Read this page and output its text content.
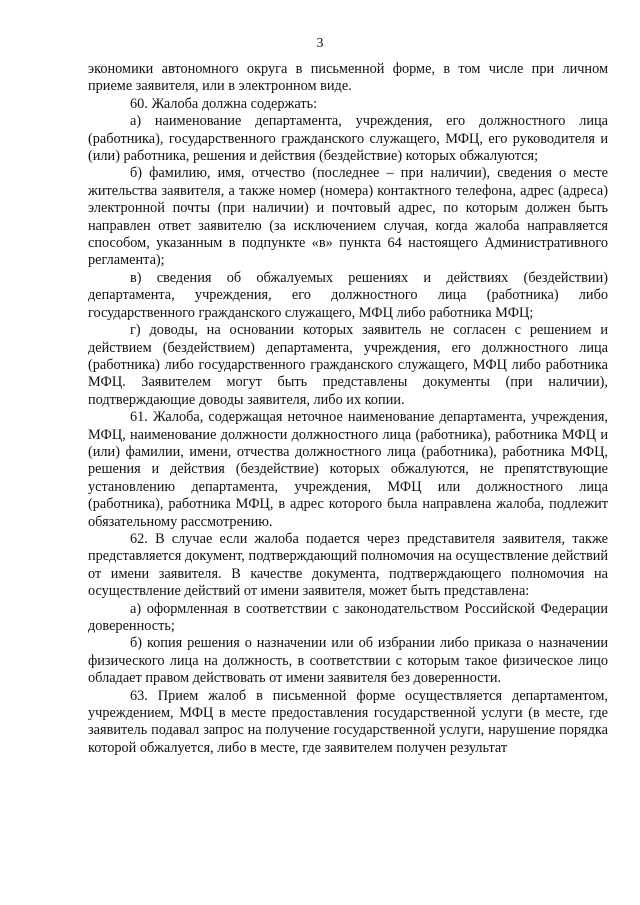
3

экономики автономного округа в письменной форме, в том числе при личном приеме заявителя, или в электронном виде.

60. Жалоба должна содержать:

а) наименование департамента, учреждения, его должностного лица (работника), государственного гражданского служащего, МФЦ, его руководителя и (или) работника, решения и действия (бездействие) которых обжалуются;

б) фамилию, имя, отчество (последнее – при наличии), сведения о месте жительства заявителя, а также номер (номера) контактного телефона, адрес (адреса) электронной почты (при наличии) и почтовый адрес, по которым должен быть направлен ответ заявителю (за исключением случая, когда жалоба направляется способом, указанным в подпункте «в» пункта 64 настоящего Административного регламента);

в) сведения об обжалуемых решениях и действиях (бездействии) департамента, учреждения, его должностного лица (работника) либо государственного гражданского служащего, МФЦ либо работника МФЦ;

г) доводы, на основании которых заявитель не согласен с решением и действием (бездействием) департамента, учреждения, его должностного лица (работника) либо государственного гражданского служащего, МФЦ либо работника МФЦ. Заявителем могут быть представлены документы (при наличии), подтверждающие доводы заявителя, либо их копии.

61. Жалоба, содержащая неточное наименование департамента, учреждения, МФЦ, наименование должности должностного лица (работника), работника МФЦ и (или) фамилии, имени, отчества должностного лица (работника), работника МФЦ, решения и действия (бездействие) которых обжалуются, не препятствующие установлению департамента, учреждения, МФЦ или должностного лица (работника), работника МФЦ, в адрес которого была направлена жалоба, подлежит обязательному рассмотрению.

62. В случае если жалоба подается через представителя заявителя, также представляется документ, подтверждающий полномочия на осуществление действий от имени заявителя. В качестве документа, подтверждающего полномочия на осуществление действий от имени заявителя, может быть представлена:

а) оформленная в соответствии с законодательством Российской Федерации доверенность;

б) копия решения о назначении или об избрании либо приказа о назначении физического лица на должность, в соответствии с которым такое физическое лицо обладает правом действовать от имени заявителя без доверенности.

63. Прием жалоб в письменной форме осуществляется департаментом, учреждением, МФЦ в месте предоставления государственной услуги (в месте, где заявитель подавал запрос на получение государственной услуги, нарушение порядка которой обжалуется, либо в месте, где заявителем получен результат
